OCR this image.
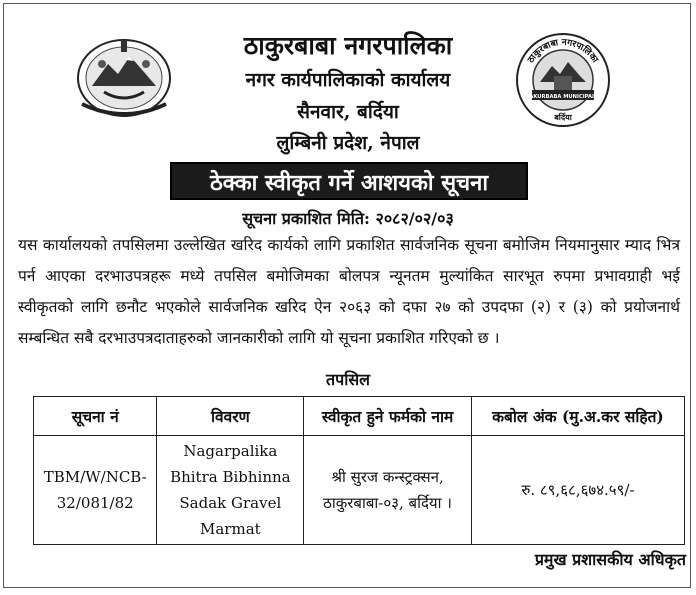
ठाकुरबाबा नगरपालिका
नगर कार्यपालिकाको कार्यालय
सैनवार, बर्दिया
लुम्बिनी प्रदेश, नेपाल
ठाकुरबाबा नगरपालिका
THAKURBABA MUNICIPALITY
बर्दिया
ठेक्का स्वीकृत गर्ने आशयको सूचना
सूचना प्रकाशित मिति: २०८२/०२/०३
यस कार्यालयको तपसिलमा उल्लेखित खरिद कार्यको लागि प्रकाशित सार्वजनिक सूचना बमोजिम नियमानुसार म्याद भित्र पर्न आएका दरभाउपत्रहरू मध्ये तपसिल बमोजिमका बोलपत्र न्यूनतम मुल्यांकित सारभूत रुपमा प्रभावग्राही भई स्वीकृतको लागि छनौट भएकोले सार्वजनिक खरिद ऐन २०६३ को दफा २७ को उपदफा (२) र (३) को प्रयोजनार्थ सम्बन्धित सबै दरभाउपत्रदाताहरुको जानकारीको लागि यो सूचना प्रकाशित गरिएको छ ।
तपसिल
सूचना नं	विवरण	स्वीकृत हुने फर्मको नाम	कबोल अंक (मु.अ.कर सहित)
TBM/W/NCB-32/081/82	Nagarpalika Bhitra Bibhinna Sadak Gravel Marmat	श्री सुरज कन्स्ट्रक्सन, ठाकुरबाबा-०३, बर्दिया ।	रु. ८९,६८,६७४.५९/-
प्रमुख प्रशासकीय अधिकृत
